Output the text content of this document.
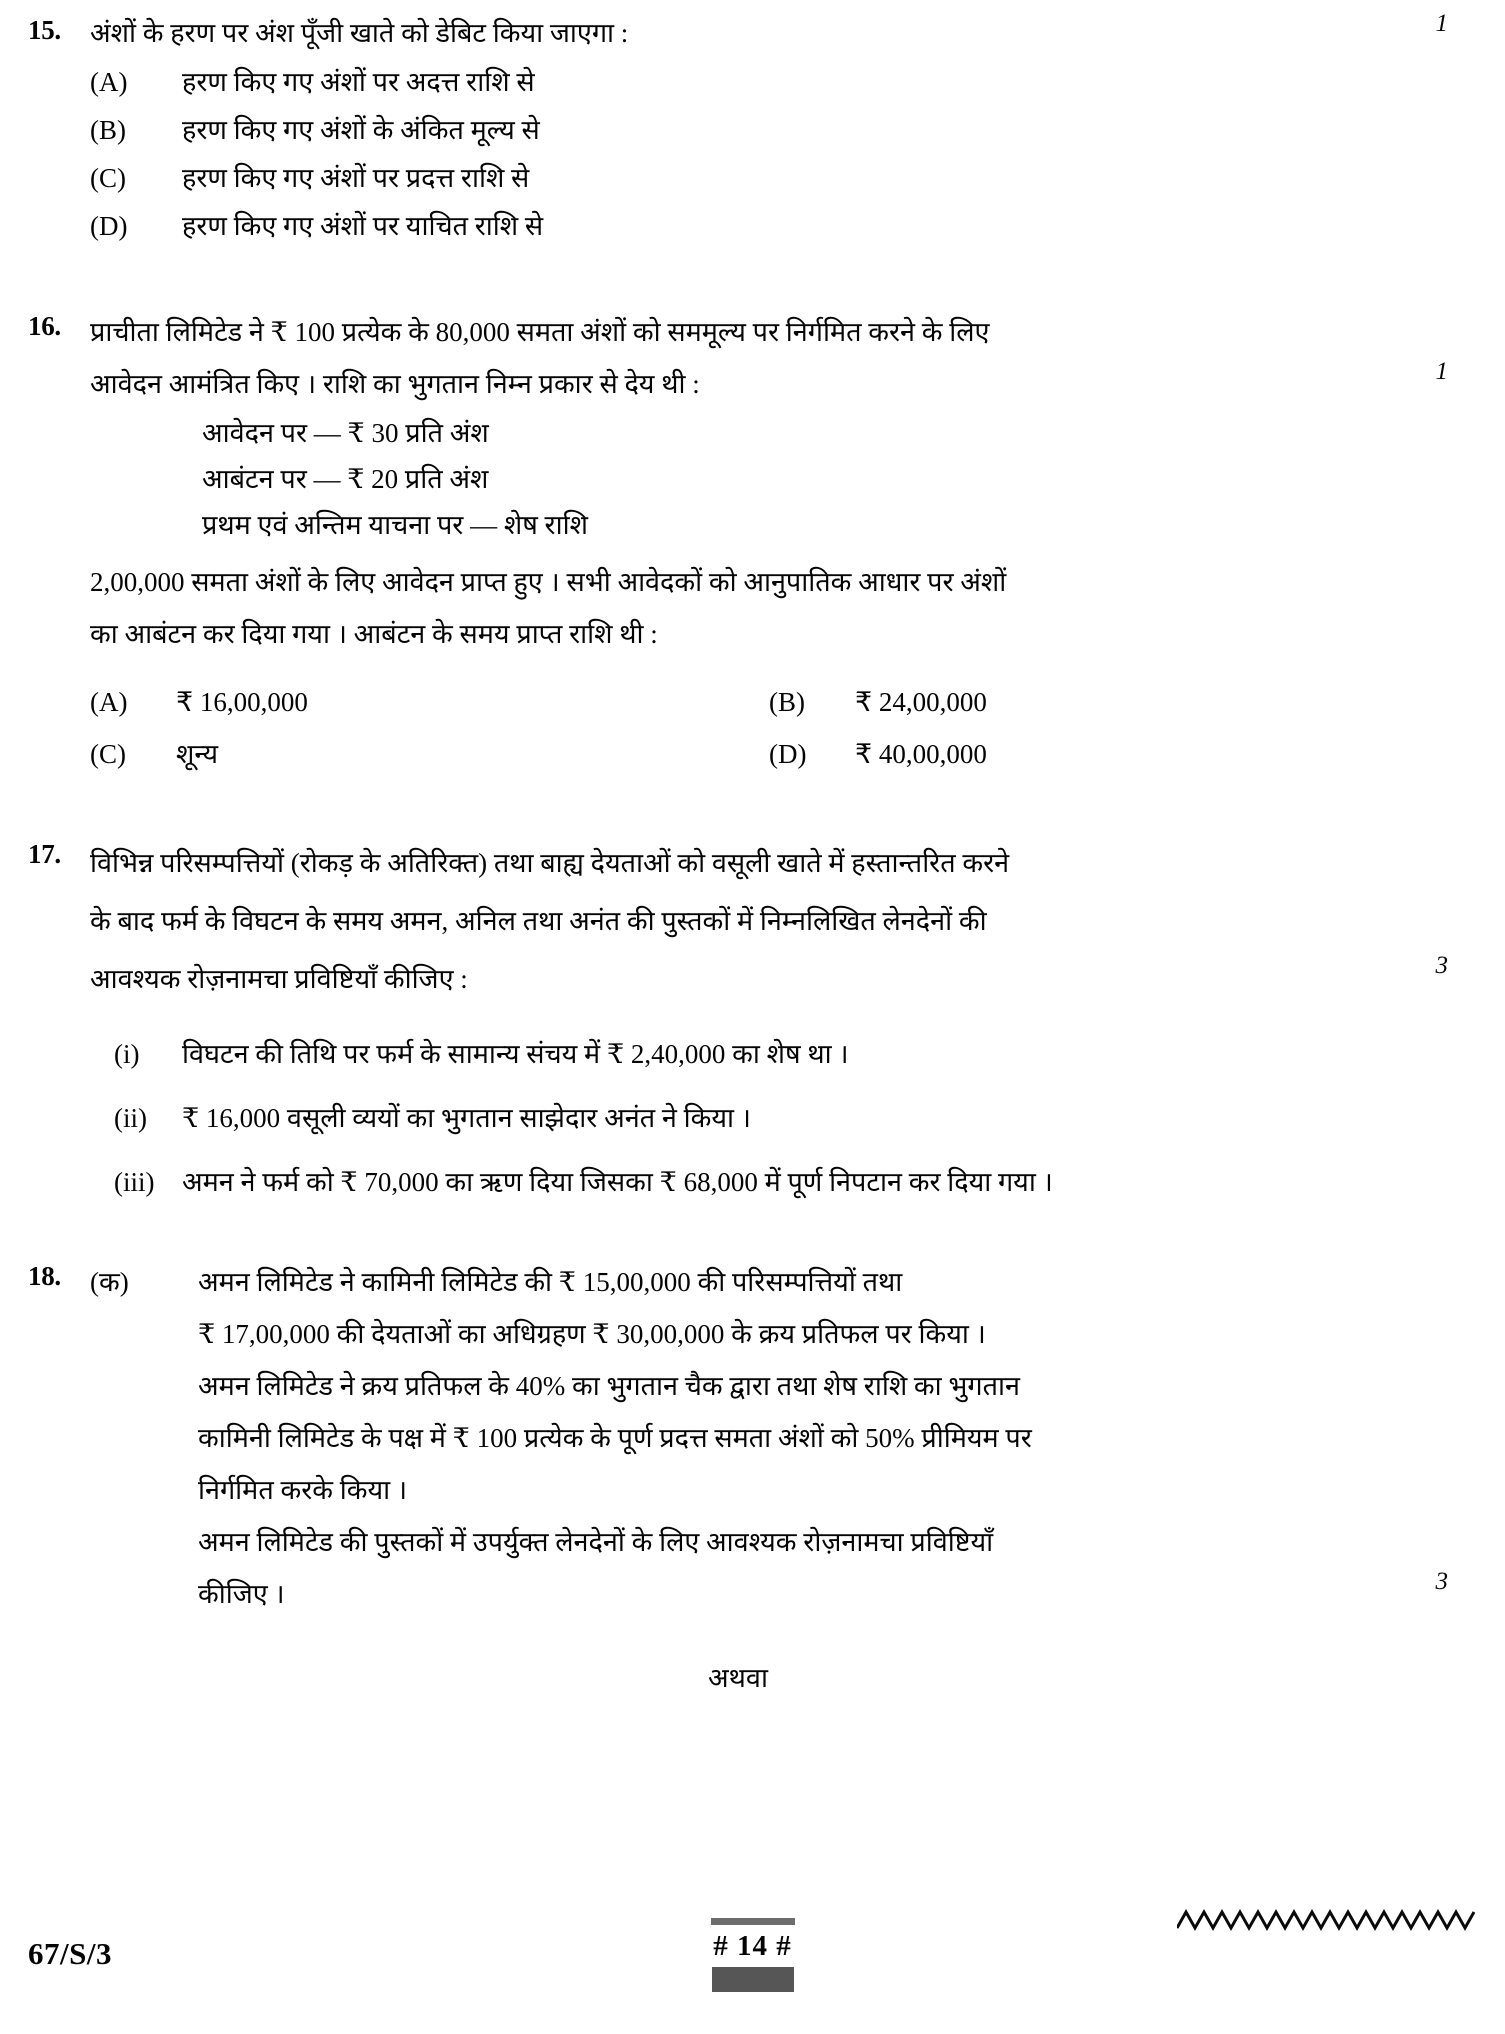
15.	अंशों के हरण पर अंश पूँजी खाते को डेबिट किया जाएगा :
(A)	हरण किए गए अंशों पर अदत्त राशि से
(B)	हरण किए गए अंशों के अंकित मूल्य से
(C)	हरण किए गए अंशों पर प्रदत्त राशि से
(D)	हरण किए गए अंशों पर याचित राशि से
1
16.	प्राचीता लिमिटेड ने ₹ 100 प्रत्येक के 80,000 समता अंशों को सममूल्य पर निर्गमित करने के लिए
आवेदन आमंत्रित किए । राशि का भुगतान निम्न प्रकार से देय थी :
आवेदन पर — ₹ 30 प्रति अंश
आबंटन पर — ₹ 20 प्रति अंश
प्रथम एवं अन्तिम याचना पर — शेष राशि
2,00,000 समता अंशों के लिए आवेदन प्राप्त हुए । सभी आवेदकों को आनुपातिक आधार पर अंशों
का आबंटन कर दिया गया । आबंटन के समय प्राप्त राशि थी :
(A)	₹ 16,00,000	(B)	₹ 24,00,000
(C)	शून्य	(D)	₹ 40,00,000
1
17.	विभिन्न परिसम्पत्तियों (रोकड़ के अतिरिक्त) तथा बाह्य देयताओं को वसूली खाते में हस्तान्तरित करने
के बाद फर्म के विघटन के समय अमन, अनिल तथा अनंत की पुस्तकों में निम्नलिखित लेनदेनों की
आवश्यक रोज़नामचा प्रविष्टियाँ कीजिए :
(i)	विघटन की तिथि पर फर्म के सामान्य संचय में ₹ 2,40,000 का शेष था ।
(ii)	₹ 16,000 वसूली व्ययों का भुगतान साझेदार अनंत ने किया ।
(iii)	अमन ने फर्म को ₹ 70,000 का ऋण दिया जिसका ₹ 68,000 में पूर्ण निपटान कर दिया गया ।
3
18.	(क)	अमन लिमिटेड ने कामिनी लिमिटेड की ₹ 15,00,000 की परिसम्पत्तियों तथा
₹ 17,00,000 की देयताओं का अधिग्रहण ₹ 30,00,000 के क्रय प्रतिफल पर किया ।
अमन लिमिटेड ने क्रय प्रतिफल के 40% का भुगतान चैक द्वारा तथा शेष राशि का भुगतान
कामिनी लिमिटेड के पक्ष में ₹ 100 प्रत्येक के पूर्ण प्रदत्त समता अंशों को 50% प्रीमियम पर
निर्गमित करके किया ।
अमन लिमिटेड की पुस्तकों में उपर्युक्त लेनदेनों के लिए आवश्यक रोज़नामचा प्रविष्टियाँ
कीजिए ।	3
अथवा
67/S/3	# 14 #
